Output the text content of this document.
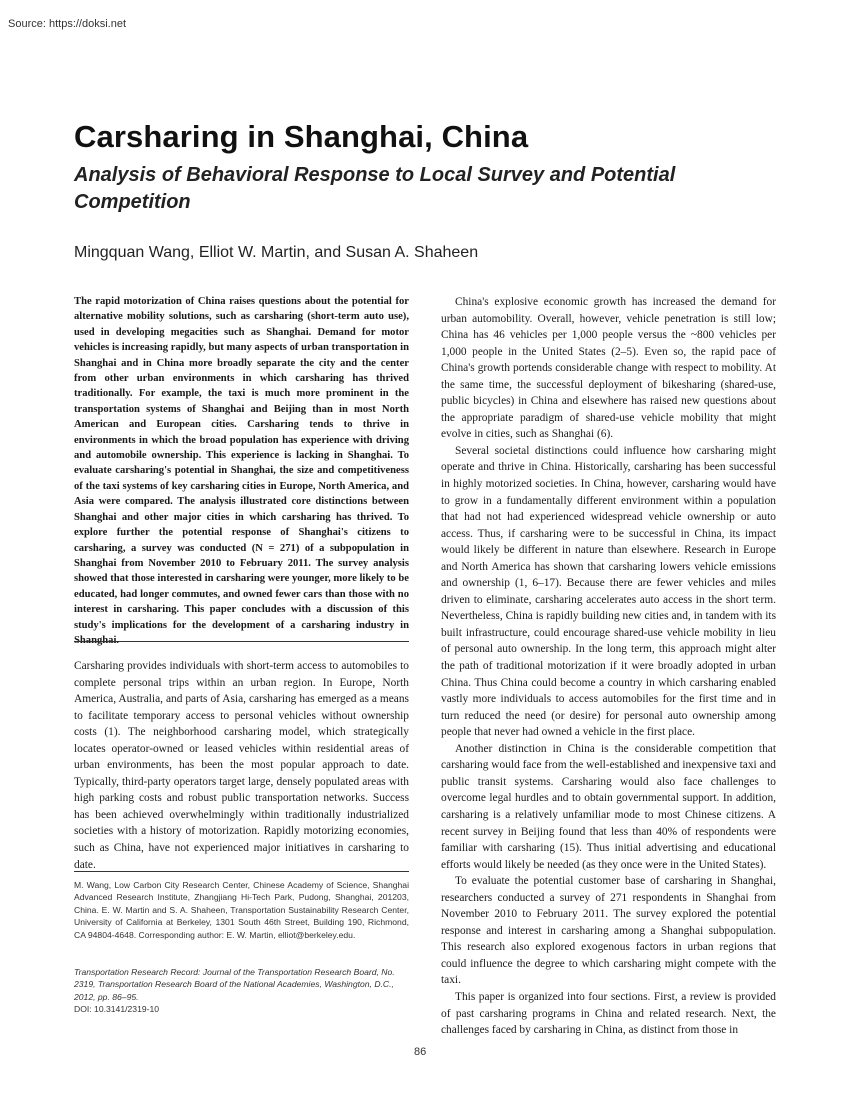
Source: https://doksi.net
Carsharing in Shanghai, China
Analysis of Behavioral Response to Local Survey and Potential Competition
Mingquan Wang, Elliot W. Martin, and Susan A. Shaheen

The rapid motorization of China raises questions about the potential for alternative mobility solutions, such as carsharing (short-term auto use), used in developing megacities such as Shanghai. Demand for motor vehicles is increasing rapidly, but many aspects of urban transportation in Shanghai and in China more broadly separate the city and the center from other urban environments in which carsharing has thrived traditionally. For example, the taxi is much more prominent in the transportation systems of Shanghai and Beijing than in most North American and European cities. Carsharing tends to thrive in environments in which the broad population has experience with driving and automobile ownership. This experience is lacking in Shanghai. To evaluate carsharing's potential in Shanghai, the size and competitiveness of the taxi systems of key carsharing cities in Europe, North America, and Asia were compared. The analysis illustrated core distinctions between Shanghai and other major cities in which carsharing has thrived. To explore further the potential response of Shanghai's citizens to carsharing, a survey was conducted (N = 271) of a subpopulation in Shanghai from November 2010 to February 2011. The survey analysis showed that those interested in carsharing were younger, more likely to be educated, had longer commutes, and owned fewer cars than those with no interest in carsharing. This paper concludes with a discussion of this study's implications for the development of a carsharing industry in Shanghai.

Carsharing provides individuals with short-term access to automobiles to complete personal trips within an urban region. In Europe, North America, Australia, and parts of Asia, carsharing has emerged as a means to facilitate temporary access to personal vehicles without ownership costs (1). The neighborhood carsharing model, which strategically locates operator-owned or leased vehicles within residential areas of urban environments, has been the most popular approach to date. Typically, third-party operators target large, densely populated areas with high parking costs and robust public transportation networks. Success has been achieved overwhelmingly within traditionally industrialized societies with a history of motorization. Rapidly motorizing economies, such as China, have not experienced major initiatives in carsharing to date.

M. Wang, Low Carbon City Research Center, Chinese Academy of Science, Shanghai Advanced Research Institute, Zhangjiang Hi-Tech Park, Pudong, Shanghai, 201203, China. E. W. Martin and S. A. Shaheen, Transportation Sustainability Research Center, University of California at Berkeley, 1301 South 46th Street, Building 190, Richmond, CA 94804-4648. Corresponding author: E. W. Martin, elliot@berkeley.edu.
Transportation Research Record: Journal of the Transportation Research Board, No. 2319, Transportation Research Board of the National Academies, Washington, D.C., 2012, pp. 86–95.
DOI: 10.3141/2319-10

China's explosive economic growth has increased the demand for urban automobility. Overall, however, vehicle penetration is still low; China has 46 vehicles per 1,000 people versus the ~800 vehicles per 1,000 people in the United States (2–5). Even so, the rapid pace of China's growth portends considerable change with respect to mobility. At the same time, the successful deployment of bikesharing (shared-use, public bicycles) in China and elsewhere has raised new questions about the appropriate paradigm of shared-use vehicle mobility that might evolve in cities, such as Shanghai (6).

Several societal distinctions could influence how carsharing might operate and thrive in China. Historically, carsharing has been successful in highly motorized societies. In China, however, carsharing would have to grow in a fundamentally different environment within a population that had not had experienced widespread vehicle ownership or auto access. Thus, if carsharing were to be successful in China, its impact would likely be different in nature than elsewhere. Research in Europe and North America has shown that carsharing lowers vehicle emissions and ownership (1, 6–17). Because there are fewer vehicles and miles driven to eliminate, carsharing accelerates auto access in the short term. Nevertheless, China is rapidly building new cities and, in tandem with its built infrastructure, could encourage shared-use vehicle mobility in lieu of personal auto ownership. In the long term, this approach might alter the path of traditional motorization if it were broadly adopted in urban China. Thus China could become a country in which carsharing enabled vastly more individuals to access automobiles for the first time and in turn reduced the need (or desire) for personal auto ownership among people that never had owned a vehicle in the first place.

Another distinction in China is the considerable competition that carsharing would face from the well-established and inexpensive taxi and public transit systems. Carsharing would also face challenges to overcome legal hurdles and to obtain governmental support. In addition, carsharing is a relatively unfamiliar mode to most Chinese citizens. A recent survey in Beijing found that less than 40% of respondents were familiar with carsharing (15). Thus initial advertising and educational efforts would likely be needed (as they once were in the United States).

To evaluate the potential customer base of carsharing in Shanghai, researchers conducted a survey of 271 respondents in Shanghai from November 2010 to February 2011. The survey explored the potential response and interest in carsharing among a Shanghai subpopulation. This research also explored exogenous factors in urban regions that could influence the degree to which carsharing might compete with the taxi.

This paper is organized into four sections. First, a review is provided of past carsharing programs in China and related research. Next, the challenges faced by carsharing in China, as distinct from those in

86
